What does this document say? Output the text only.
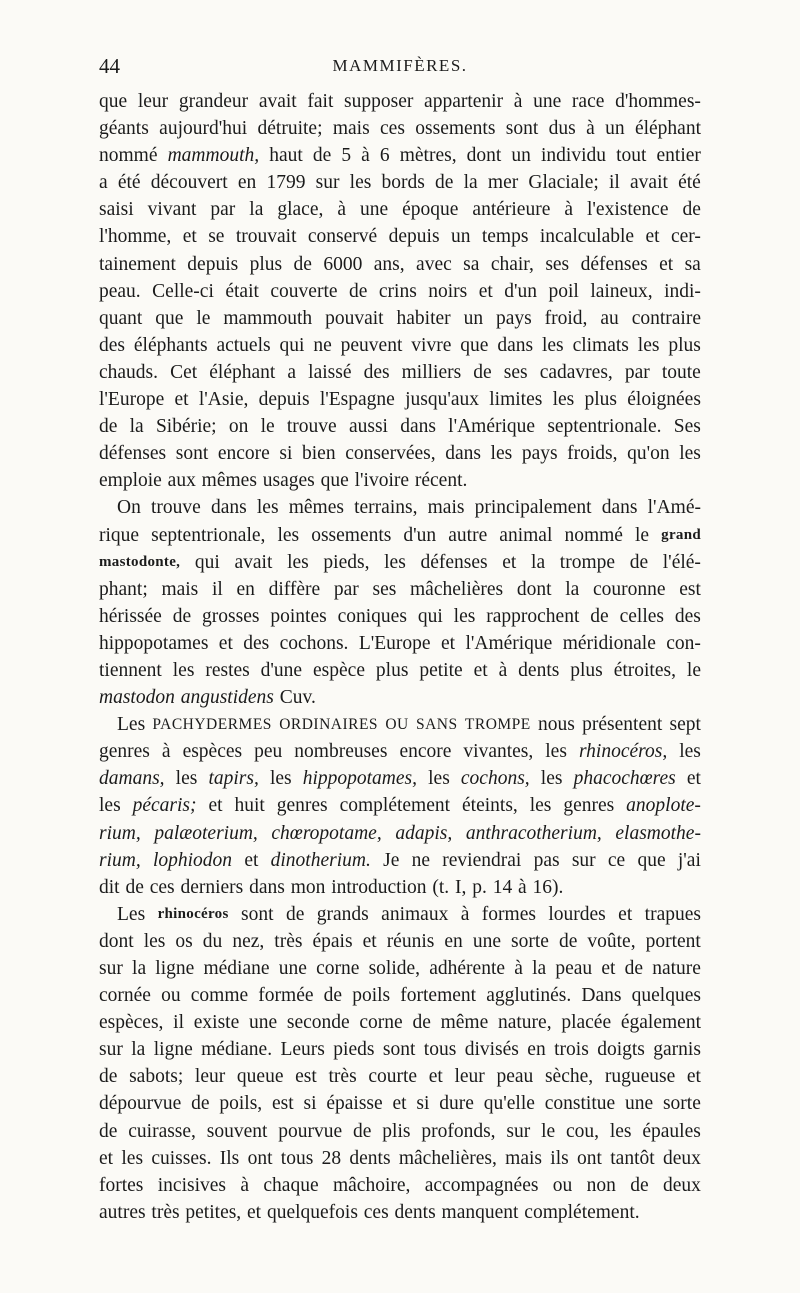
44	MAMMIFÈRES.
que leur grandeur avait fait supposer appartenir à une race d'hommes-
géants aujourd'hui détruite; mais ces ossements sont dus à un éléphant
nommé mammouth, haut de 5 à 6 mètres, dont un individu tout entier
a été découvert en 1799 sur les bords de la mer Glaciale; il avait été
saisi vivant par la glace, à une époque antérieure à l'existence de
l'homme, et se trouvait conservé depuis un temps incalculable et cer-
tainement depuis plus de 6000 ans, avec sa chair, ses défenses et sa
peau. Celle-ci était couverte de crins noirs et d'un poil laineux, indi-
quant que le mammouth pouvait habiter un pays froid, au contraire
des éléphants actuels qui ne peuvent vivre que dans les climats les plus
chauds. Cet éléphant a laissé des milliers de ses cadavres, par toute
l'Europe et l'Asie, depuis l'Espagne jusqu'aux limites les plus éloignées
de la Sibérie; on le trouve aussi dans l'Amérique septentrionale. Ses
défenses sont encore si bien conservées, dans les pays froids, qu'on les
emploie aux mêmes usages que l'ivoire récent.
On trouve dans les mêmes terrains, mais principalement dans l'Amé-
rique septentrionale, les ossements d'un autre animal nommé le grand
mastodonte, qui avait les pieds, les défenses et la trompe de l'élé-
phant; mais il en diffère par ses mâchelières dont la couronne est
hérissée de grosses pointes coniques qui les rapprochent de celles des
hippopotames et des cochons. L'Europe et l'Amérique méridionale con-
tiennent les restes d'une espèce plus petite et à dents plus étroites, le
mastodon angustidens Cuv.
Les PACHYDERMES ORDINAIRES OU SANS TROMPE nous présentent sept
genres à espèces peu nombreuses encore vivantes, les rhinocéros, les
damans, les tapirs, les hippopotames, les cochons, les phacochœres et
les pécaris; et huit genres complétement éteints, les genres anoplote-
rium, palæoterium, chœropotame, adapis, anthracotherium, elasmothe-
rium, lophiodon et dinotherium. Je ne reviendrai pas sur ce que j'ai
dit de ces derniers dans mon introduction (t. I, p. 14 à 16).
Les rhinocéros sont de grands animaux à formes lourdes et trapues
dont les os du nez, très épais et réunis en une sorte de voûte, portent
sur la ligne médiane une corne solide, adhérente à la peau et de nature
cornée ou comme formée de poils fortement agglutinés. Dans quelques
espèces, il existe une seconde corne de même nature, placée également
sur la ligne médiane. Leurs pieds sont tous divisés en trois doigts garnis
de sabots; leur queue est très courte et leur peau sèche, rugueuse et
dépourvue de poils, est si épaisse et si dure qu'elle constitue une sorte
de cuirasse, souvent pourvue de plis profonds, sur le cou, les épaules
et les cuisses. Ils ont tous 28 dents mâchelières, mais ils ont tantôt deux
fortes incisives à chaque mâchoire, accompagnées ou non de deux
autres très petites, et quelquefois ces dents manquent complétement.
